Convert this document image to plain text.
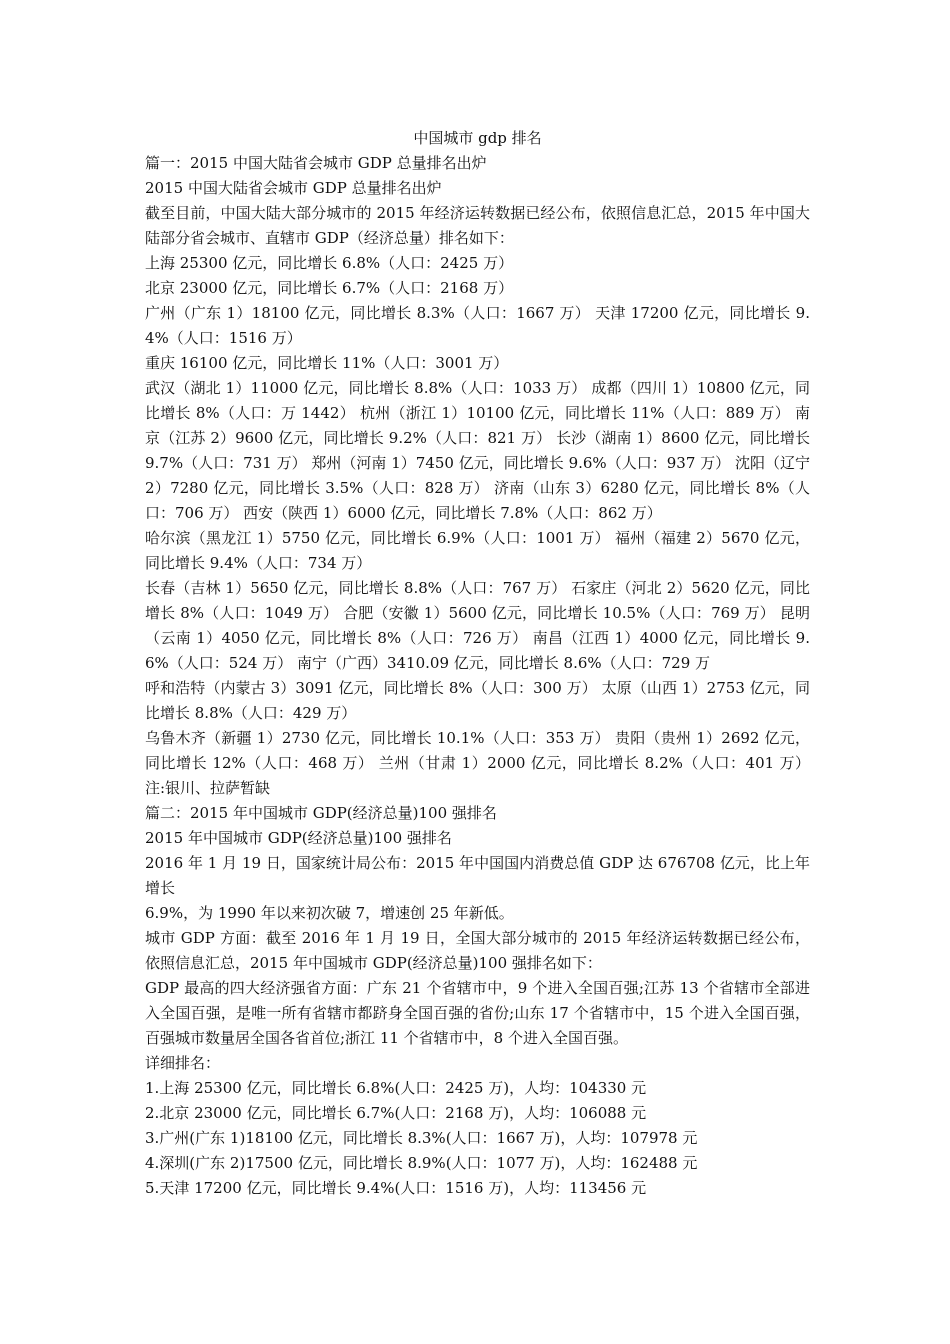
中国城市 gdp 排名

篇一：2015 中国大陆省会城市 GDP 总量排名出炉

2015 中国大陆省会城市 GDP 总量排名出炉

截至目前，中国大陆大部分城市的 2015 年经济运转数据已经公布，依照信息汇总，2015 年中国大陆部分省会城市、直辖市 GDP（经济总量）排名如下：

上海 25300 亿元，同比增长 6.8%（人口：2425 万）

北京 23000 亿元，同比增长 6.7%（人口：2168 万）

广州（广东 1）18100 亿元，同比增长 8.3%（人口：1667 万） 天津 17200 亿元，同比增长 9.4%（人口：1516 万）

重庆 16100 亿元，同比增长 11%（人口：3001 万）

武汉（湖北 1）11000 亿元，同比增长 8.8%（人口：1033 万） 成都（四川 1）10800 亿元，同比增长 8%（人口：万 1442） 杭州（浙江 1）10100 亿元，同比增长 11%（人口：889 万） 南京（江苏 2）9600 亿元，同比增长 9.2%（人口：821 万） 长沙（湖南 1）8600 亿元，同比增长 9.7%（人口：731 万） 郑州（河南 1）7450 亿元，同比增长 9.6%（人口：937 万） 沈阳（辽宁 2）7280 亿元，同比增长 3.5%（人口：828 万） 济南（山东 3）6280 亿元，同比增长 8%（人口：706 万） 西安（陕西 1）6000 亿元，同比增长 7.8%（人口：862 万）

哈尔滨（黑龙江 1）5750 亿元，同比增长 6.9%（人口：1001 万） 福州（福建 2）5670 亿元，同比增长 9.4%（人口：734 万）

长春（吉林 1）5650 亿元，同比增长 8.8%（人口：767 万） 石家庄（河北 2）5620 亿元，同比增长 8%（人口：1049 万） 合肥（安徽 1）5600 亿元，同比增长 10.5%（人口：769 万） 昆明（云南 1）4050 亿元，同比增长 8%（人口：726 万） 南昌（江西 1）4000 亿元，同比增长 9.6%（人口：524 万） 南宁（广西）3410.09 亿元，同比增长 8.6%（人口：729 万

呼和浩特（内蒙古 3）3091 亿元，同比增长 8%（人口：300 万） 太原（山西 1）2753 亿元，同比增长 8.8%（人口：429 万）

乌鲁木齐（新疆 1）2730 亿元，同比增长 10.1%（人口：353 万） 贵阳（贵州 1）2692 亿元，同比增长 12%（人口：468 万） 兰州（甘肃 1）2000 亿元，同比增长 8.2%（人口：401 万） 注:银川、拉萨暂缺

篇二：2015 年中国城市 GDP(经济总量)100 强排名

2015 年中国城市 GDP(经济总量)100 强排名

2016 年 1 月 19 日，国家统计局公布：2015 年中国国内消费总值 GDP 达 676708 亿元，比上年增长

6.9%，为 1990 年以来初次破 7，增速创 25 年新低。

城市 GDP 方面：截至 2016 年 1 月 19 日，全国大部分城市的 2015 年经济运转数据已经公布，依照信息汇总，2015 年中国城市 GDP(经济总量)100 强排名如下：

GDP 最高的四大经济强省方面：广东 21 个省辖市中，9 个进入全国百强;江苏 13 个省辖市全部进入全国百强，是唯一所有省辖市都跻身全国百强的省份;山东 17 个省辖市中，15 个进入全国百强，百强城市数量居全国各省首位;浙江 11 个省辖市中，8 个进入全国百强。

详细排名：

1.上海 25300 亿元，同比增长 6.8%(人口：2425 万)，人均：104330 元

2.北京 23000 亿元，同比增长 6.7%(人口：2168 万)，人均：106088 元

3.广州(广东 1)18100 亿元，同比增长 8.3%(人口：1667 万)，人均：107978 元

4.深圳(广东 2)17500 亿元，同比增长 8.9%(人口：1077 万)，人均：162488 元

5.天津 17200 亿元，同比增长 9.4%(人口：1516 万)，人均：113456 元
